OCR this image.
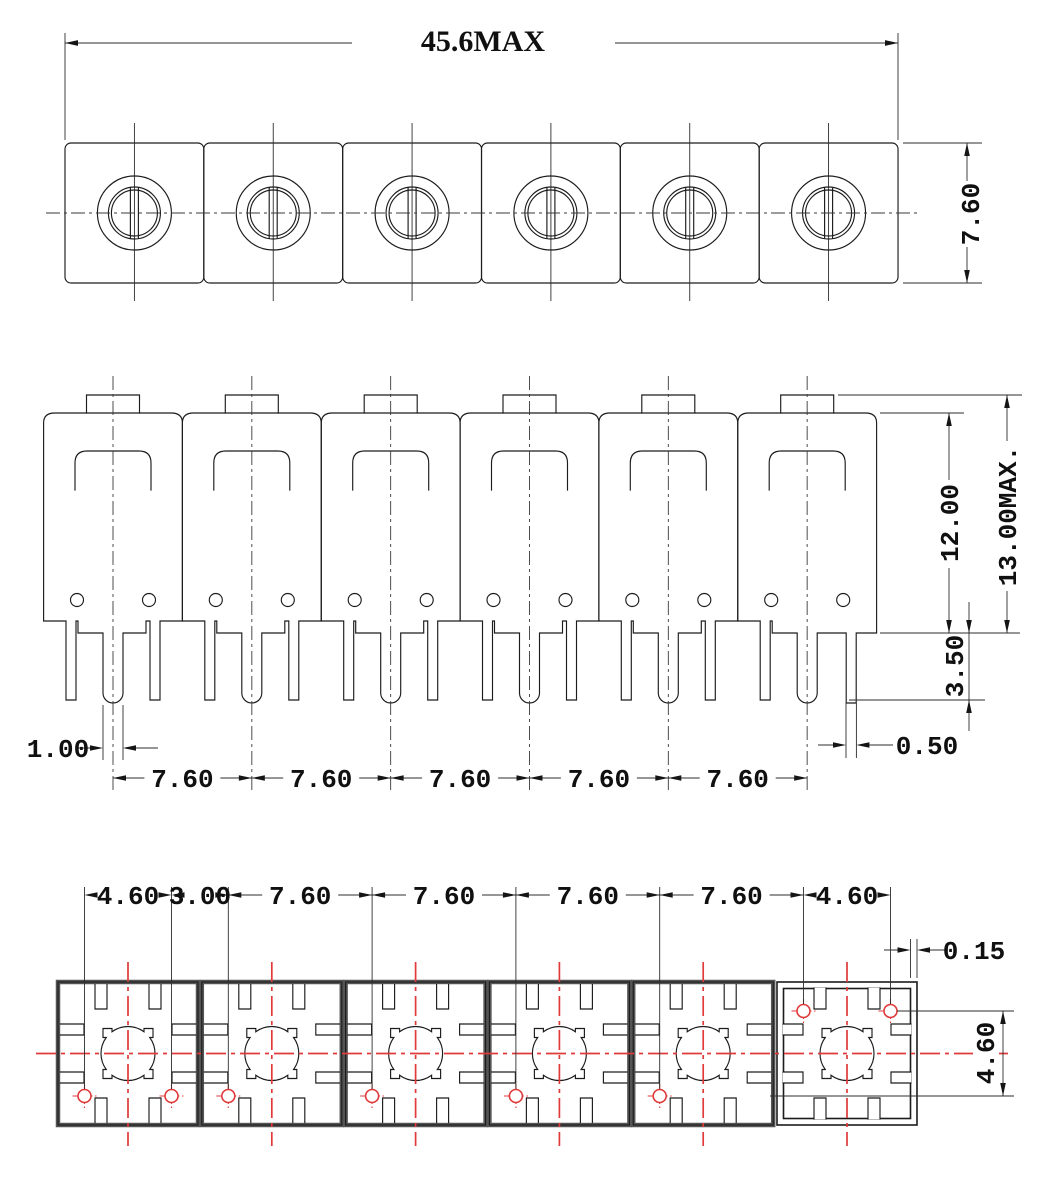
45.6MAX
7.60
7.60	7.60	7.60	7.60	7.60
1.00	0.50
3.50
12.00 13.00MAX.
4.60 3.00 7.60	7.60	7.60	7.60 4.60
0.15
4.60
